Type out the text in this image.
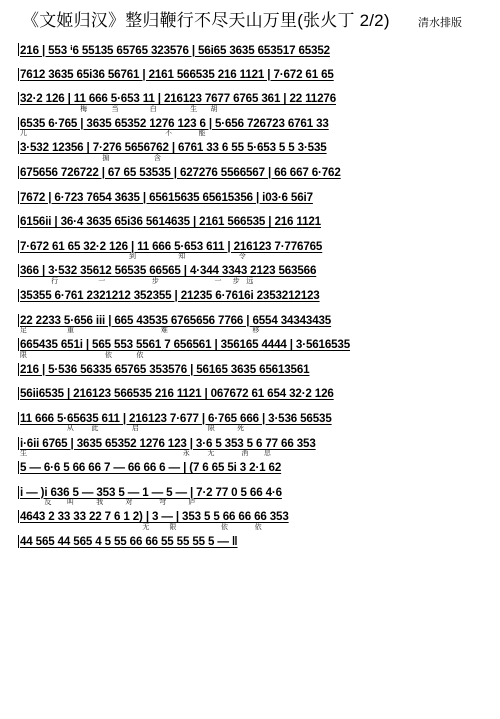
《文姬归汉》整归鞭行不尽天山万里(张火丁 2/2)	清水排版
216 | 553 ⁱ6 55135 65765 323576 | 56i65 3635 653517 65352
7612 3635 65i36 56761 | 2161 566535 216 1121 | 7·672 61 65
32·2 126 | 11 666 5·653 11 | 216123 7677 6765 361 | 22 11276
梅           当              白               生      胡
6535 6·765 | 3635 65352 1276 123 6 | 5·656 726723 6761 33
儿                                                              不            能
3·532 12356 | 7·276 5656762 | 6761 33 6 55 5·653 5 5 3·535
掮                    含
675656 726722 | 67 65 53535 | 627276 5566567 | 66 667 6·762
7672 | 6·723 7654 3635 | 65615635 65615356 | i03·6 56i7
6156ii | 36·4 3635 65i36 5614635 | 2161 566535 | 216 1121
7·672 61 65 32·2 126 | 11 666 5·653 611 | 216123 7·776765
到                   知                        令
366 | 3·532 35612 56535 66565 | 4·344 3343 2123 563566
行                  一                     步                         一     步   远
35355 6·761 2321212 352355 | 21235 6·7616i 2353212123
22 2233 5·656 iii | 665 43535 6765656 7766 | 6554 34343435
足                  重                                       难                                      移
665435 651i | 565 553 5561 7 656561 | 356165 4444 | 3·5616535
限                                   依           依
216 | 5·536 56335 65765 353576 | 56165 3635 65613561
56ii6535 | 216123 566535 216 1121 | 067672 61 654 32·2 126
11 666 5·65635 611 | 216123 7·677 | 6·765 666 | 3·536 56535
从        此               启                               限          死
i·6ii 6765 | 3635 65352 1276 123 | 3·6 5 353 5 6 77 66 353
生                                                                      永        无            消       息
5 — 6·6 5 66 66 7 — 66 66 6 — | (7 6 65 5i 3 2·1 62
i — )i 636 5 — 353 5 — 1 — 5 — | 7·2 77 0 5 66 4·6
反       叫          我          对            穹          庐
4643 2 33 33 22 7 6 1 2) | 3 — | 353 5 5 66 66 66 353
无         限                    依            依
44 565 44 565 4 5 55 66 66 55 55 55 5 — ‖
